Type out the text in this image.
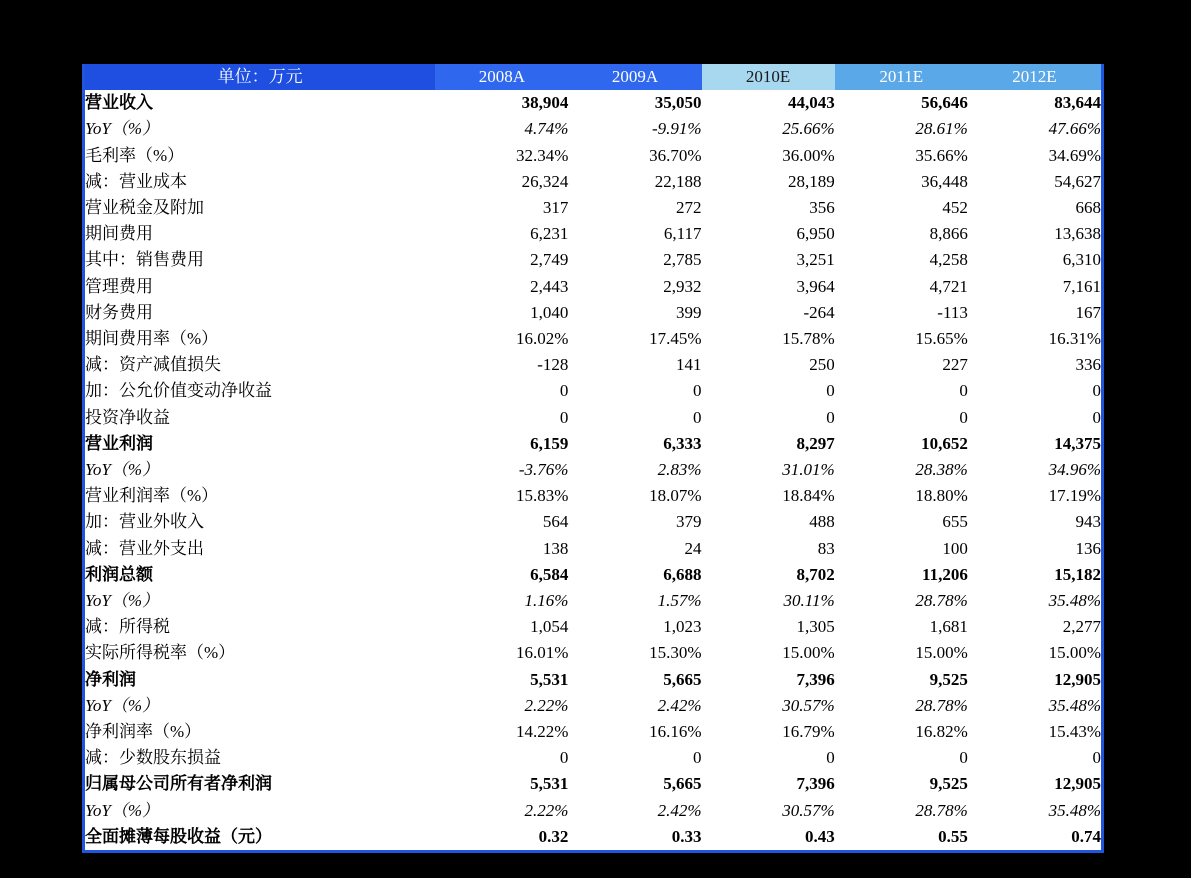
单位：万元	2008A	2009A	2010E	2011E	2012E
营业收入	38,904	35,050	44,043	56,646	83,644
YoY（%）	4.74%	-9.91%	25.66%	28.61%	47.66%
毛利率（%）	32.34%	36.70%	36.00%	35.66%	34.69%
减：营业成本	26,324	22,188	28,189	36,448	54,627
营业税金及附加	317	272	356	452	668
期间费用	6,231	6,117	6,950	8,866	13,638
其中：销售费用	2,749	2,785	3,251	4,258	6,310
管理费用	2,443	2,932	3,964	4,721	7,161
财务费用	1,040	399	-264	-113	167
期间费用率（%）	16.02%	17.45%	15.78%	15.65%	16.31%
减：资产减值损失	-128	141	250	227	336
加：公允价值变动净收益	0	0	0	0	0
投资净收益	0	0	0	0	0
营业利润	6,159	6,333	8,297	10,652	14,375
YoY（%）	-3.76%	2.83%	31.01%	28.38%	34.96%
营业利润率（%）	15.83%	18.07%	18.84%	18.80%	17.19%
加：营业外收入	564	379	488	655	943
减：营业外支出	138	24	83	100	136
利润总额	6,584	6,688	8,702	11,206	15,182
YoY（%）	1.16%	1.57%	30.11%	28.78%	35.48%
减：所得税	1,054	1,023	1,305	1,681	2,277
实际所得税率（%）	16.01%	15.30%	15.00%	15.00%	15.00%
净利润	5,531	5,665	7,396	9,525	12,905
YoY（%）	2.22%	2.42%	30.57%	28.78%	35.48%
净利润率（%）	14.22%	16.16%	16.79%	16.82%	15.43%
减：少数股东损益	0	0	0	0	0
归属母公司所有者净利润	5,531	5,665	7,396	9,525	12,905
YoY（%）	2.22%	2.42%	30.57%	28.78%	35.48%
全面摊薄每股收益（元）	0.32	0.33	0.43	0.55	0.74
